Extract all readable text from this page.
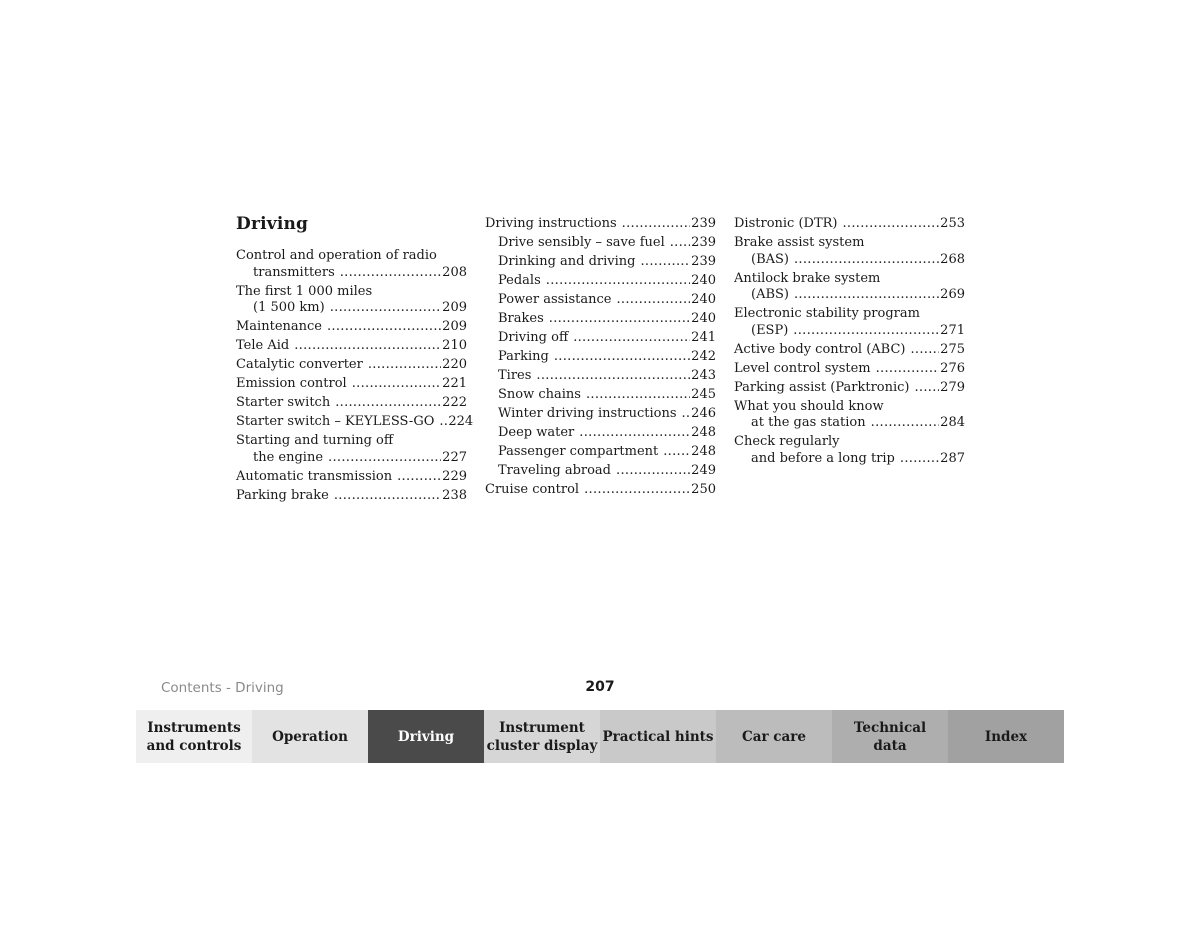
Driving
Control and operation of radio
transmitters .....	208
The first 1 000 miles
(1 500 km) .....	209
Maintenance .....	209
Tele Aid .....	210
Catalytic converter .....	220
Emission control .....	221
Starter switch .....	222
Starter switch – KEYLESS-GO ..... 224
Starting and turning off
the engine .....	227
Automatic transmission .....	229
Parking brake .....	238
Driving instructions .....	239
Drive sensibly – save fuel ..... 239
Drinking and driving .....	239
Pedals .....	240
Power assistance .....	240
Brakes .....	240
Driving off .....	241
Parking .....	242
Tires .....	243
Snow chains .....	245
Winter driving instructions ..... 246
Deep water .....	248
Passenger compartment .....	248
Traveling abroad .....	249
Cruise control .....	250
Distronic (DTR) .....	253
Brake assist system
(BAS) .....	268
Antilock brake system
(ABS) .....	269
Electronic stability program
(ESP) .....	271
Active body control (ABC) .....	275
Level control system .....	276
Parking assist (Parktronic) ..... 279
What you should know
at the gas station .....	284
Check regularly
and before a long trip .....	287
Contents - Driving	207
Instruments
and controls
Operation	Driving
Instrument
cluster display
Practical hints	Car care
Technical
data
Index
